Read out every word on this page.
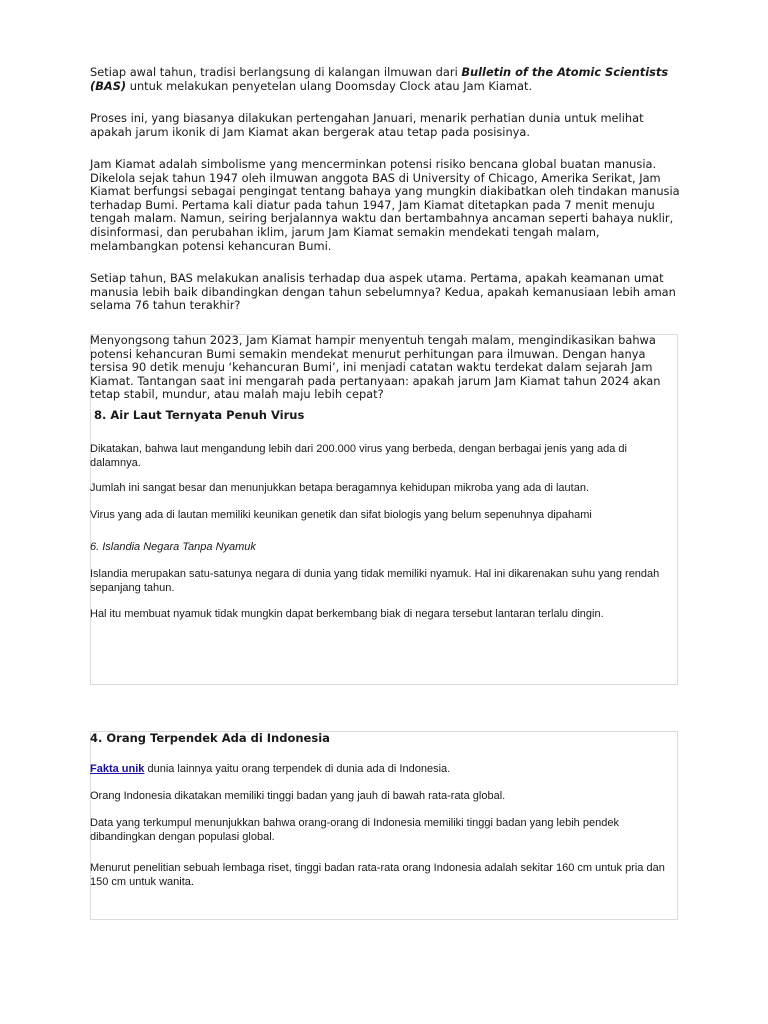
Setiap awal tahun, tradisi berlangsung di kalangan ilmuwan dari Bulletin of the Atomic Scientists (BAS) untuk melakukan penyetelan ulang Doomsday Clock atau Jam Kiamat.

Proses ini, yang biasanya dilakukan pertengahan Januari, menarik perhatian dunia untuk melihat apakah jarum ikonik di Jam Kiamat akan bergerak atau tetap pada posisinya.

Jam Kiamat adalah simbolisme yang mencerminkan potensi risiko bencana global buatan manusia. Dikelola sejak tahun 1947 oleh ilmuwan anggota BAS di University of Chicago, Amerika Serikat, Jam Kiamat berfungsi sebagai pengingat tentang bahaya yang mungkin diakibatkan oleh tindakan manusia terhadap Bumi. Pertama kali diatur pada tahun 1947, Jam Kiamat ditetapkan pada 7 menit menuju tengah malam. Namun, seiring berjalannya waktu dan bertambahnya ancaman seperti bahaya nuklir, disinformasi, dan perubahan iklim, jarum Jam Kiamat semakin mendekati tengah malam, melambangkan potensi kehancuran Bumi.

Setiap tahun, BAS melakukan analisis terhadap dua aspek utama. Pertama, apakah keamanan umat manusia lebih baik dibandingkan dengan tahun sebelumnya? Kedua, apakah kemanusiaan lebih aman selama 76 tahun terakhir?

Menyongsong tahun 2023, Jam Kiamat hampir menyentuh tengah malam, mengindikasikan bahwa potensi kehancuran Bumi semakin mendekat menurut perhitungan para ilmuwan. Dengan hanya tersisa 90 detik menuju ‘kehancuran Bumi’, ini menjadi catatan waktu terdekat dalam sejarah Jam Kiamat. Tantangan saat ini mengarah pada pertanyaan: apakah jarum Jam Kiamat tahun 2024 akan tetap stabil, mundur, atau malah maju lebih cepat?

8. Air Laut Ternyata Penuh Virus

Dikatakan, bahwa laut mengandung lebih dari 200.000 virus yang berbeda, dengan berbagai jenis yang ada di dalamnya.

Jumlah ini sangat besar dan menunjukkan betapa beragamnya kehidupan mikroba yang ada di lautan.

Virus yang ada di lautan memiliki keunikan genetik dan sifat biologis yang belum sepenuhnya dipahami

6. Islandia Negara Tanpa Nyamuk

Islandia merupakan satu-satunya negara di dunia yang tidak memiliki nyamuk. Hal ini dikarenakan suhu yang rendah sepanjang tahun.

Hal itu membuat nyamuk tidak mungkin dapat berkembang biak di negara tersebut lantaran terlalu dingin.

4. Orang Terpendek Ada di Indonesia

Fakta unik dunia lainnya yaitu orang terpendek di dunia ada di Indonesia.

Orang Indonesia dikatakan memiliki tinggi badan yang jauh di bawah rata-rata global.

Data yang terkumpul menunjukkan bahwa orang-orang di Indonesia memiliki tinggi badan yang lebih pendek dibandingkan dengan populasi global.

Menurut penelitian sebuah lembaga riset, tinggi badan rata-rata orang Indonesia adalah sekitar 160 cm untuk pria dan 150 cm untuk wanita.
